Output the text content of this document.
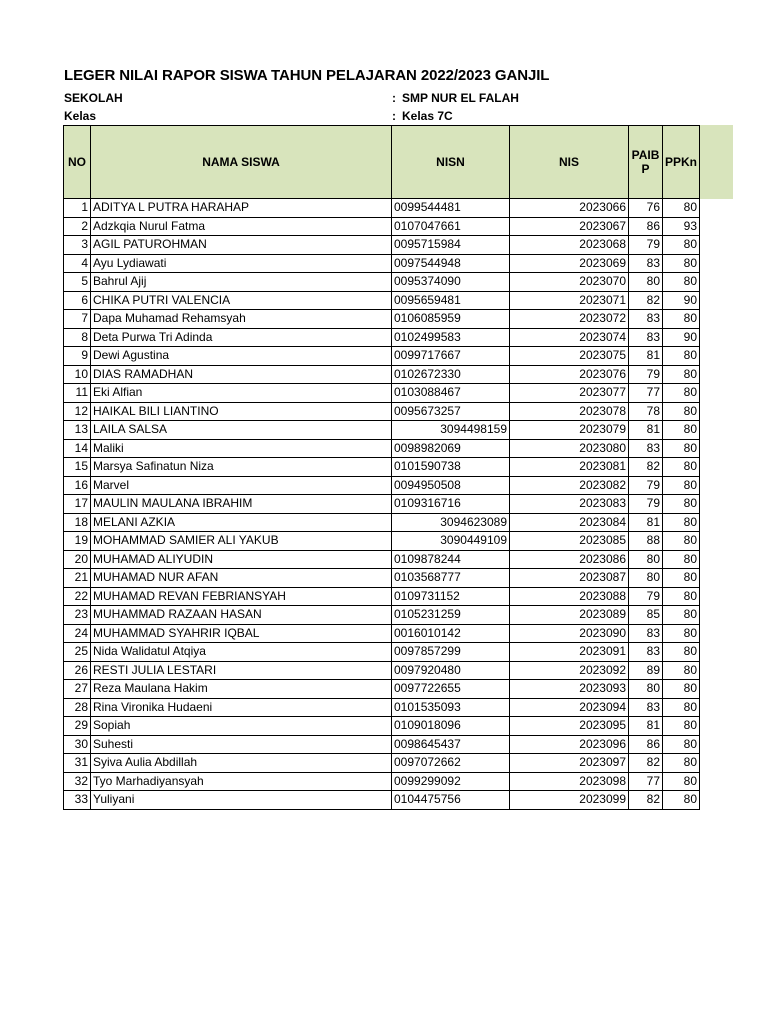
LEGER NILAI RAPOR SISWA TAHUN PELAJARAN 2022/2023 GANJIL
SEKOLAH	: SMP NUR EL FALAH
Kelas	: Kelas 7C
NO	NAMA SISWA	NISN	NIS	PAIBP	PPKn
1	ADITYA L PUTRA HARAHAP	0099544481	2023066	76	80
2	Adzkqia Nurul Fatma	0107047661	2023067	86	93
3	AGIL PATUROHMAN	0095715984	2023068	79	80
4	Ayu Lydiawati	0097544948	2023069	83	80
5	Bahrul Ajij	0095374090	2023070	80	80
6	CHIKA PUTRI VALENCIA	0095659481	2023071	82	90
7	Dapa Muhamad Rehamsyah	0106085959	2023072	83	80
8	Deta Purwa Tri Adinda	0102499583	2023074	83	90
9	Dewi Agustina	0099717667	2023075	81	80
10	DIAS RAMADHAN	0102672330	2023076	79	80
11	Eki Alfian	0103088467	2023077	77	80
12	HAIKAL BILI LIANTINO	0095673257	2023078	78	80
13	LAILA SALSA	3094498159	2023079	81	80
14	Maliki	0098982069	2023080	83	80
15	Marsya Safinatun Niza	0101590738	2023081	82	80
16	Marvel	0094950508	2023082	79	80
17	MAULIN MAULANA IBRAHIM	0109316716	2023083	79	80
18	MELANI AZKIA	3094623089	2023084	81	80
19	MOHAMMAD SAMIER ALI YAKUB	3090449109	2023085	88	80
20	MUHAMAD ALIYUDIN	0109878244	2023086	80	80
21	MUHAMAD NUR AFAN	0103568777	2023087	80	80
22	MUHAMAD REVAN FEBRIANSYAH	0109731152	2023088	79	80
23	MUHAMMAD RAZAAN HASAN	0105231259	2023089	85	80
24	MUHAMMAD SYAHRIR IQBAL	0016010142	2023090	83	80
25	Nida Walidatul Atqiya	0097857299	2023091	83	80
26	RESTI JULIA LESTARI	0097920480	2023092	89	80
27	Reza Maulana Hakim	0097722655	2023093	80	80
28	Rina Vironika Hudaeni	0101535093	2023094	83	80
29	Sopiah	0109018096	2023095	81	80
30	Suhesti	0098645437	2023096	86	80
31	Syiva Aulia Abdillah	0097072662	2023097	82	80
32	Tyo Marhadiyansyah	0099299092	2023098	77	80
33	Yuliyani	0104475756	2023099	82	80
